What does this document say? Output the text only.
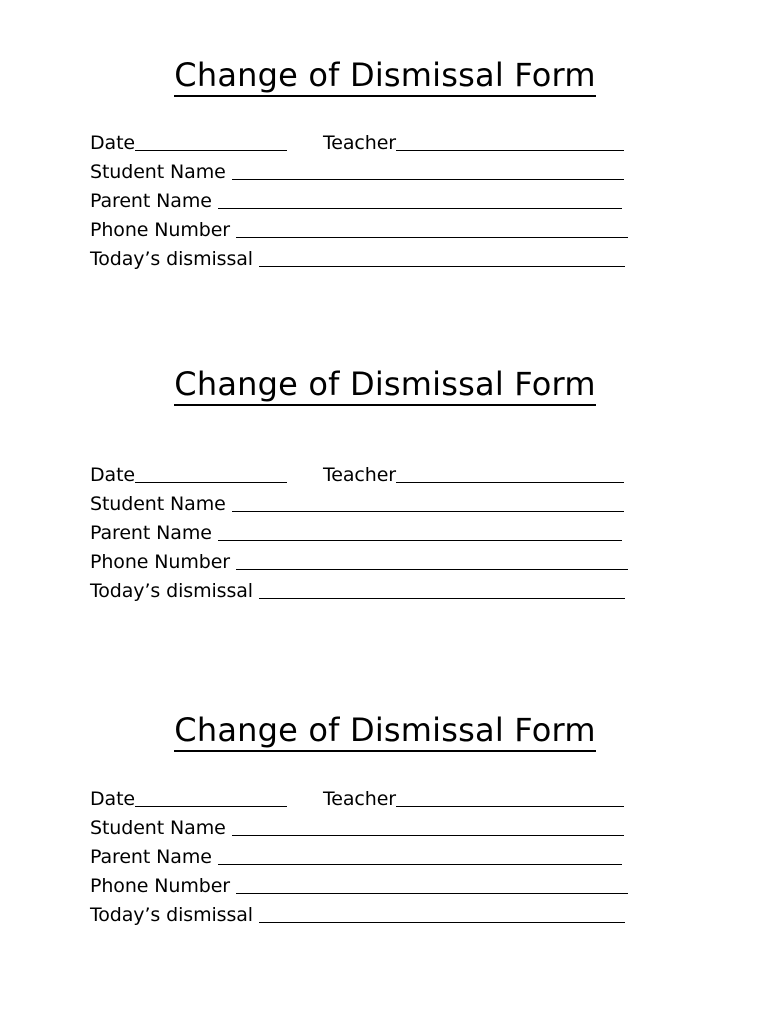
Change of Dismissal Form
Date	Teacher
Student Name
Parent Name
Phone Number
Today’s dismissal
Change of Dismissal Form
Date	Teacher
Student Name
Parent Name
Phone Number
Today’s dismissal
Change of Dismissal Form
Date	Teacher
Student Name
Parent Name
Phone Number
Today’s dismissal
